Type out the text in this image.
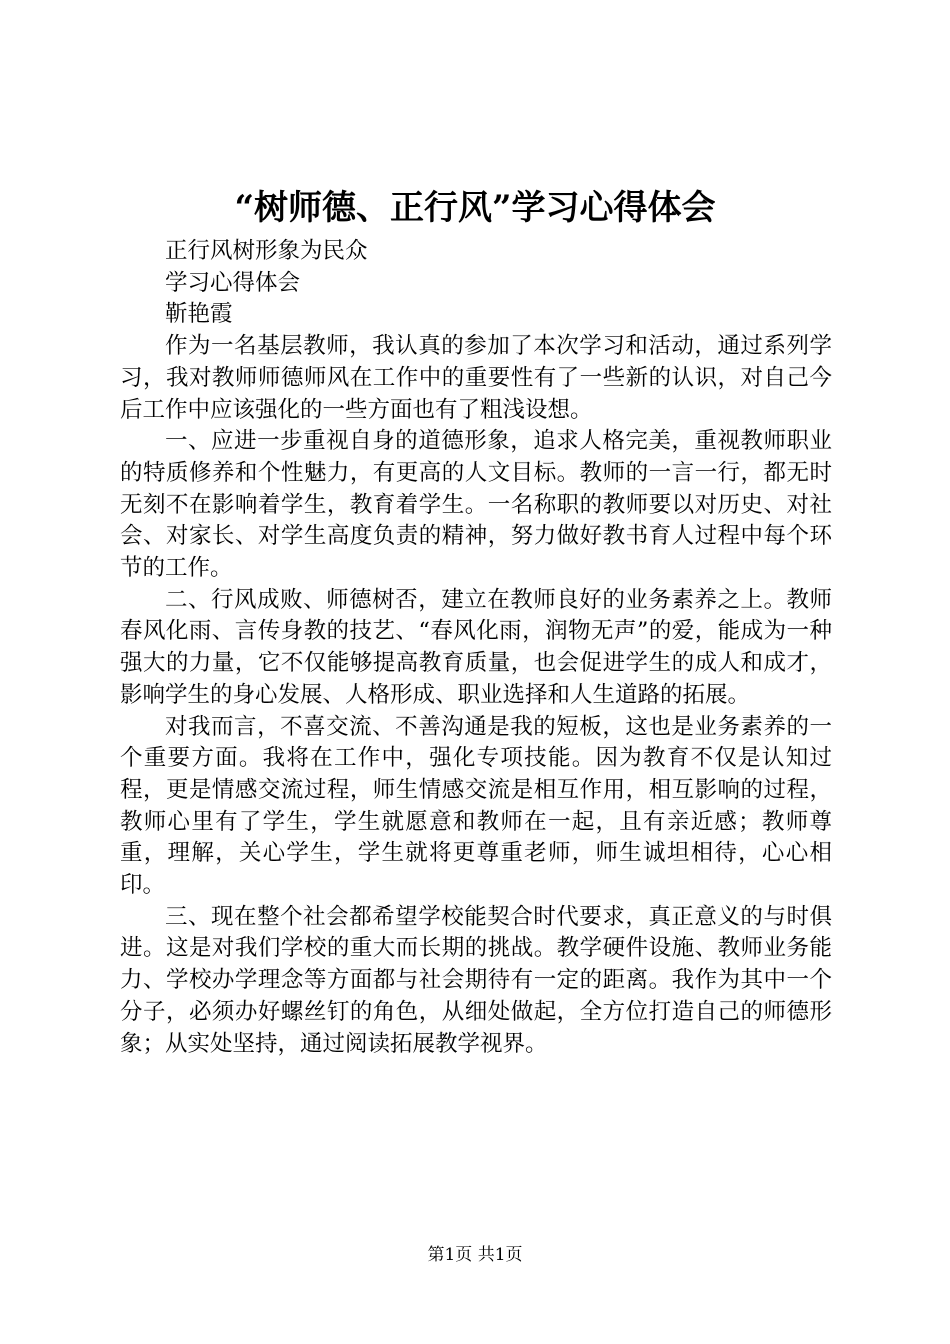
“树师德、正行风”学习心得体会

正行风树形象为民众

学习心得体会

靳艳霞

作为一名基层教师，我认真的参加了本次学习和活动，通过系列学习，我对教师师德师风在工作中的重要性有了一些新的认识，对自己今后工作中应该强化的一些方面也有了粗浅设想。

一、应进一步重视自身的道德形象，追求人格完美，重视教师职业的特质修养和个性魅力，有更高的人文目标。教师的一言一行，都无时无刻不在影响着学生，教育着学生。一名称职的教师要以对历史、对社会、对家长、对学生高度负责的精神，努力做好教书育人过程中每个环节的工作。

二、行风成败、师德树否，建立在教师良好的业务素养之上。教师春风化雨、言传身教的技艺、“春风化雨，润物无声”的爱，能成为一种强大的力量，它不仅能够提高教育质量，也会促进学生的成人和成才，影响学生的身心发展、人格形成、职业选择和人生道路的拓展。

对我而言，不喜交流、不善沟通是我的短板，这也是业务素养的一个重要方面。我将在工作中，强化专项技能。因为教育不仅是认知过程，更是情感交流过程，师生情感交流是相互作用，相互影响的过程，教师心里有了学生，学生就愿意和教师在一起，且有亲近感；教师尊重，理解，关心学生，学生就将更尊重老师，师生诚坦相待，心心相印。

三、现在整个社会都希望学校能契合时代要求，真正意义的与时俱进。这是对我们学校的重大而长期的挑战。教学硬件设施、教师业务能力、学校办学理念等方面都与社会期待有一定的距离。我作为其中一个分子，必须办好螺丝钉的角色，从细处做起，全方位打造自己的师德形象；从实处坚持，通过阅读拓展教学视界。

第1页 共1页
